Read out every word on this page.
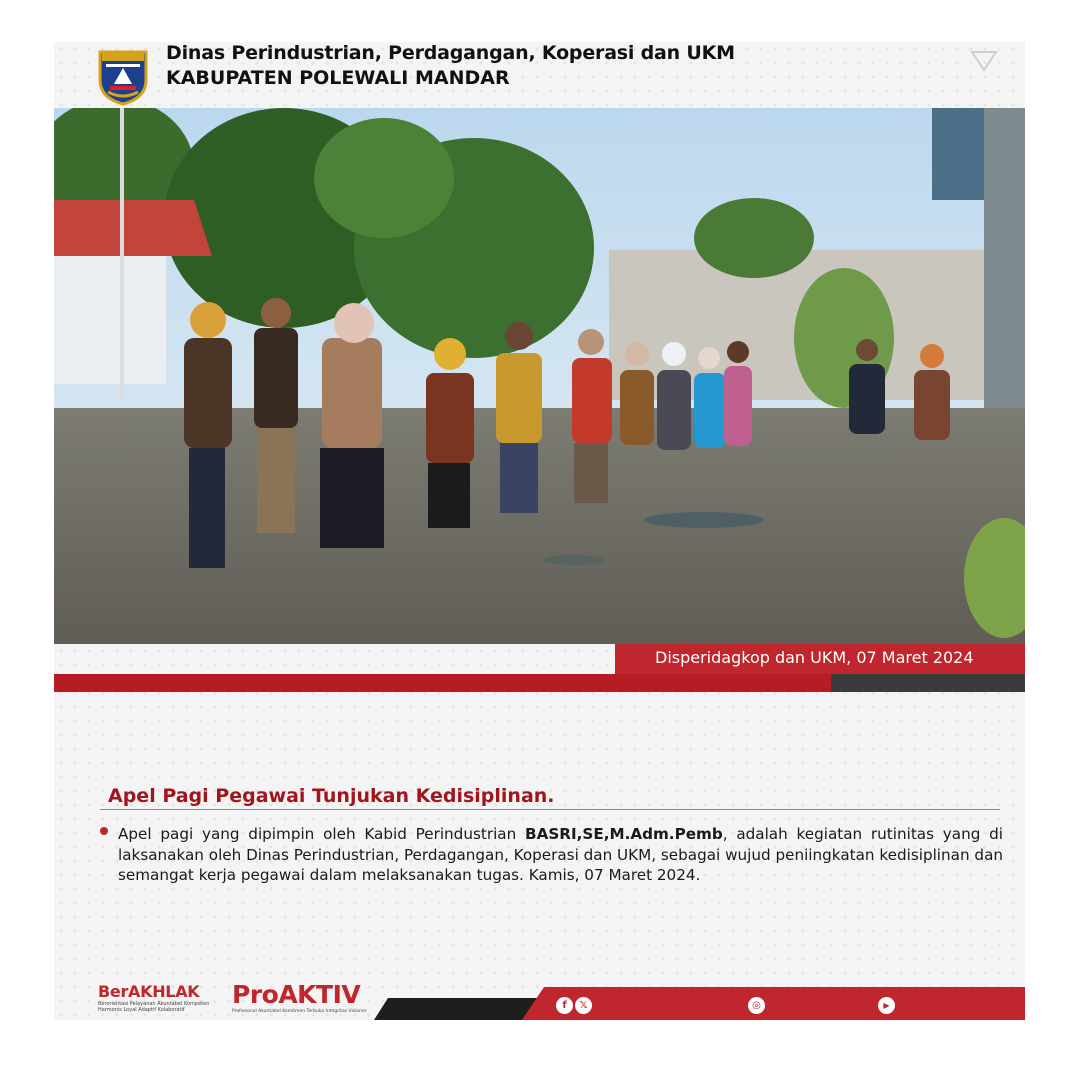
Dinas Perindustrian, Perdagangan, Koperasi dan UKM
KABUPATEN POLEWALI MANDAR
Disperidagkop dan UKM, 07 Maret 2024
Apel Pagi Pegawai Tunjukan Kedisiplinan.
Apel pagi yang dipimpin oleh Kabid Perindustrian BASRI,SE,M.Adm.Pemb, adalah kegiatan rutinitas yang di laksanakan oleh Dinas Perindustrian, Perdagangan, Koperasi dan UKM, sebagai wujud peniingkatan kedisiplinan dan semangat kerja pegawai dalam melaksanakan tugas. Kamis, 07 Maret 2024.
BerAKHLAK
Berorientasi Pelayanan Akuntabel Kompeten
Harmonis Loyal Adaptif Kolaboratif
ProAKTIV
Profesional Akuntabel Komitmen Terbuka Integritas Visioner
f	𝕏	◎	▶
